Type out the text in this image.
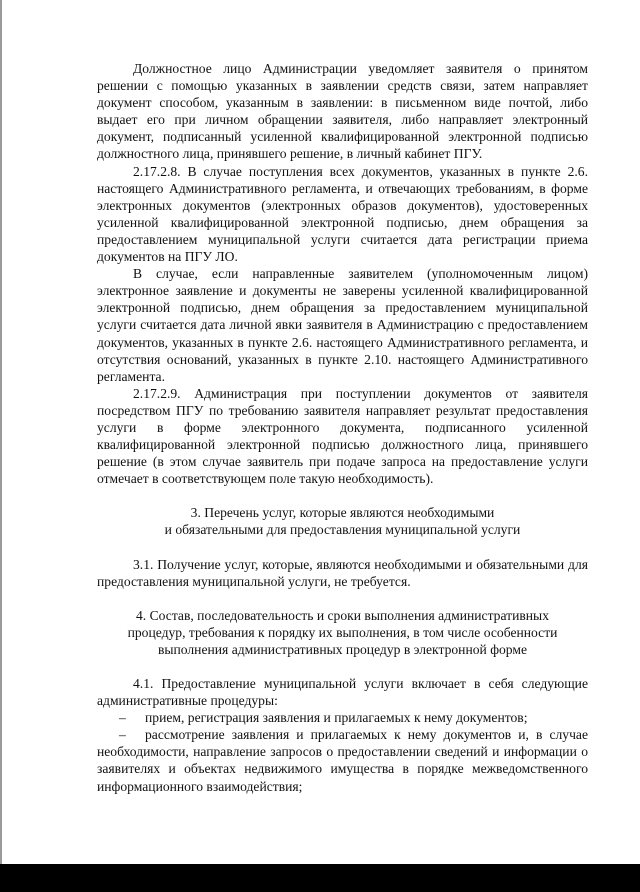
Должностное лицо Администрации уведомляет заявителя о принятом решении с помощью указанных в заявлении средств связи, затем направляет документ способом, указанным в заявлении: в письменном виде почтой, либо выдает его при личном обращении заявителя, либо направляет электронный документ, подписанный усиленной квалифицированной электронной подписью должностного лица, принявшего решение, в личный кабинет ПГУ.

2.17.2.8. В случае поступления всех документов, указанных в пункте 2.6. настоящего Административного регламента, и отвечающих требованиям, в форме электронных документов (электронных образов документов), удостоверенных усиленной квалифицированной электронной подписью, днем обращения за предоставлением муниципальной услуги считается дата регистрации приема документов на ПГУ ЛО.

В случае, если направленные заявителем (уполномоченным лицом) электронное заявление и документы не заверены усиленной квалифицированной электронной подписью, днем обращения за предоставлением муниципальной услуги считается дата личной явки заявителя в Администрацию с предоставлением документов, указанных в пункте 2.6. настоящего Административного регламента, и отсутствия оснований, указанных в пункте 2.10. настоящего Административного регламента.

2.17.2.9. Администрация при поступлении документов от заявителя посредством ПГУ по требованию заявителя направляет результат предоставления услуги в форме электронного документа, подписанного усиленной квалифицированной электронной подписью должностного лица, принявшего решение (в этом случае заявитель при подаче запроса на предоставление услуги отмечает в соответствующем поле такую необходимость).

3. Перечень услуг, которые являются необходимыми

и обязательными для предоставления муниципальной услуги

3.1. Получение услуг, которые, являются необходимыми и обязательными для предоставления муниципальной услуги, не требуется.

4. Состав, последовательность и сроки выполнения административных

процедур, требования к порядку их выполнения, в том числе особенности

выполнения административных процедур в электронной форме

4.1. Предоставление муниципальной услуги включает в себя следующие административные процедуры:

– прием, регистрация заявления и прилагаемых к нему документов;

– рассмотрение заявления и прилагаемых к нему документов и, в случае необходимости, направление запросов о предоставлении сведений и информации о заявителях и объектах недвижимого имущества в порядке межведомственного информационного взаимодействия;
